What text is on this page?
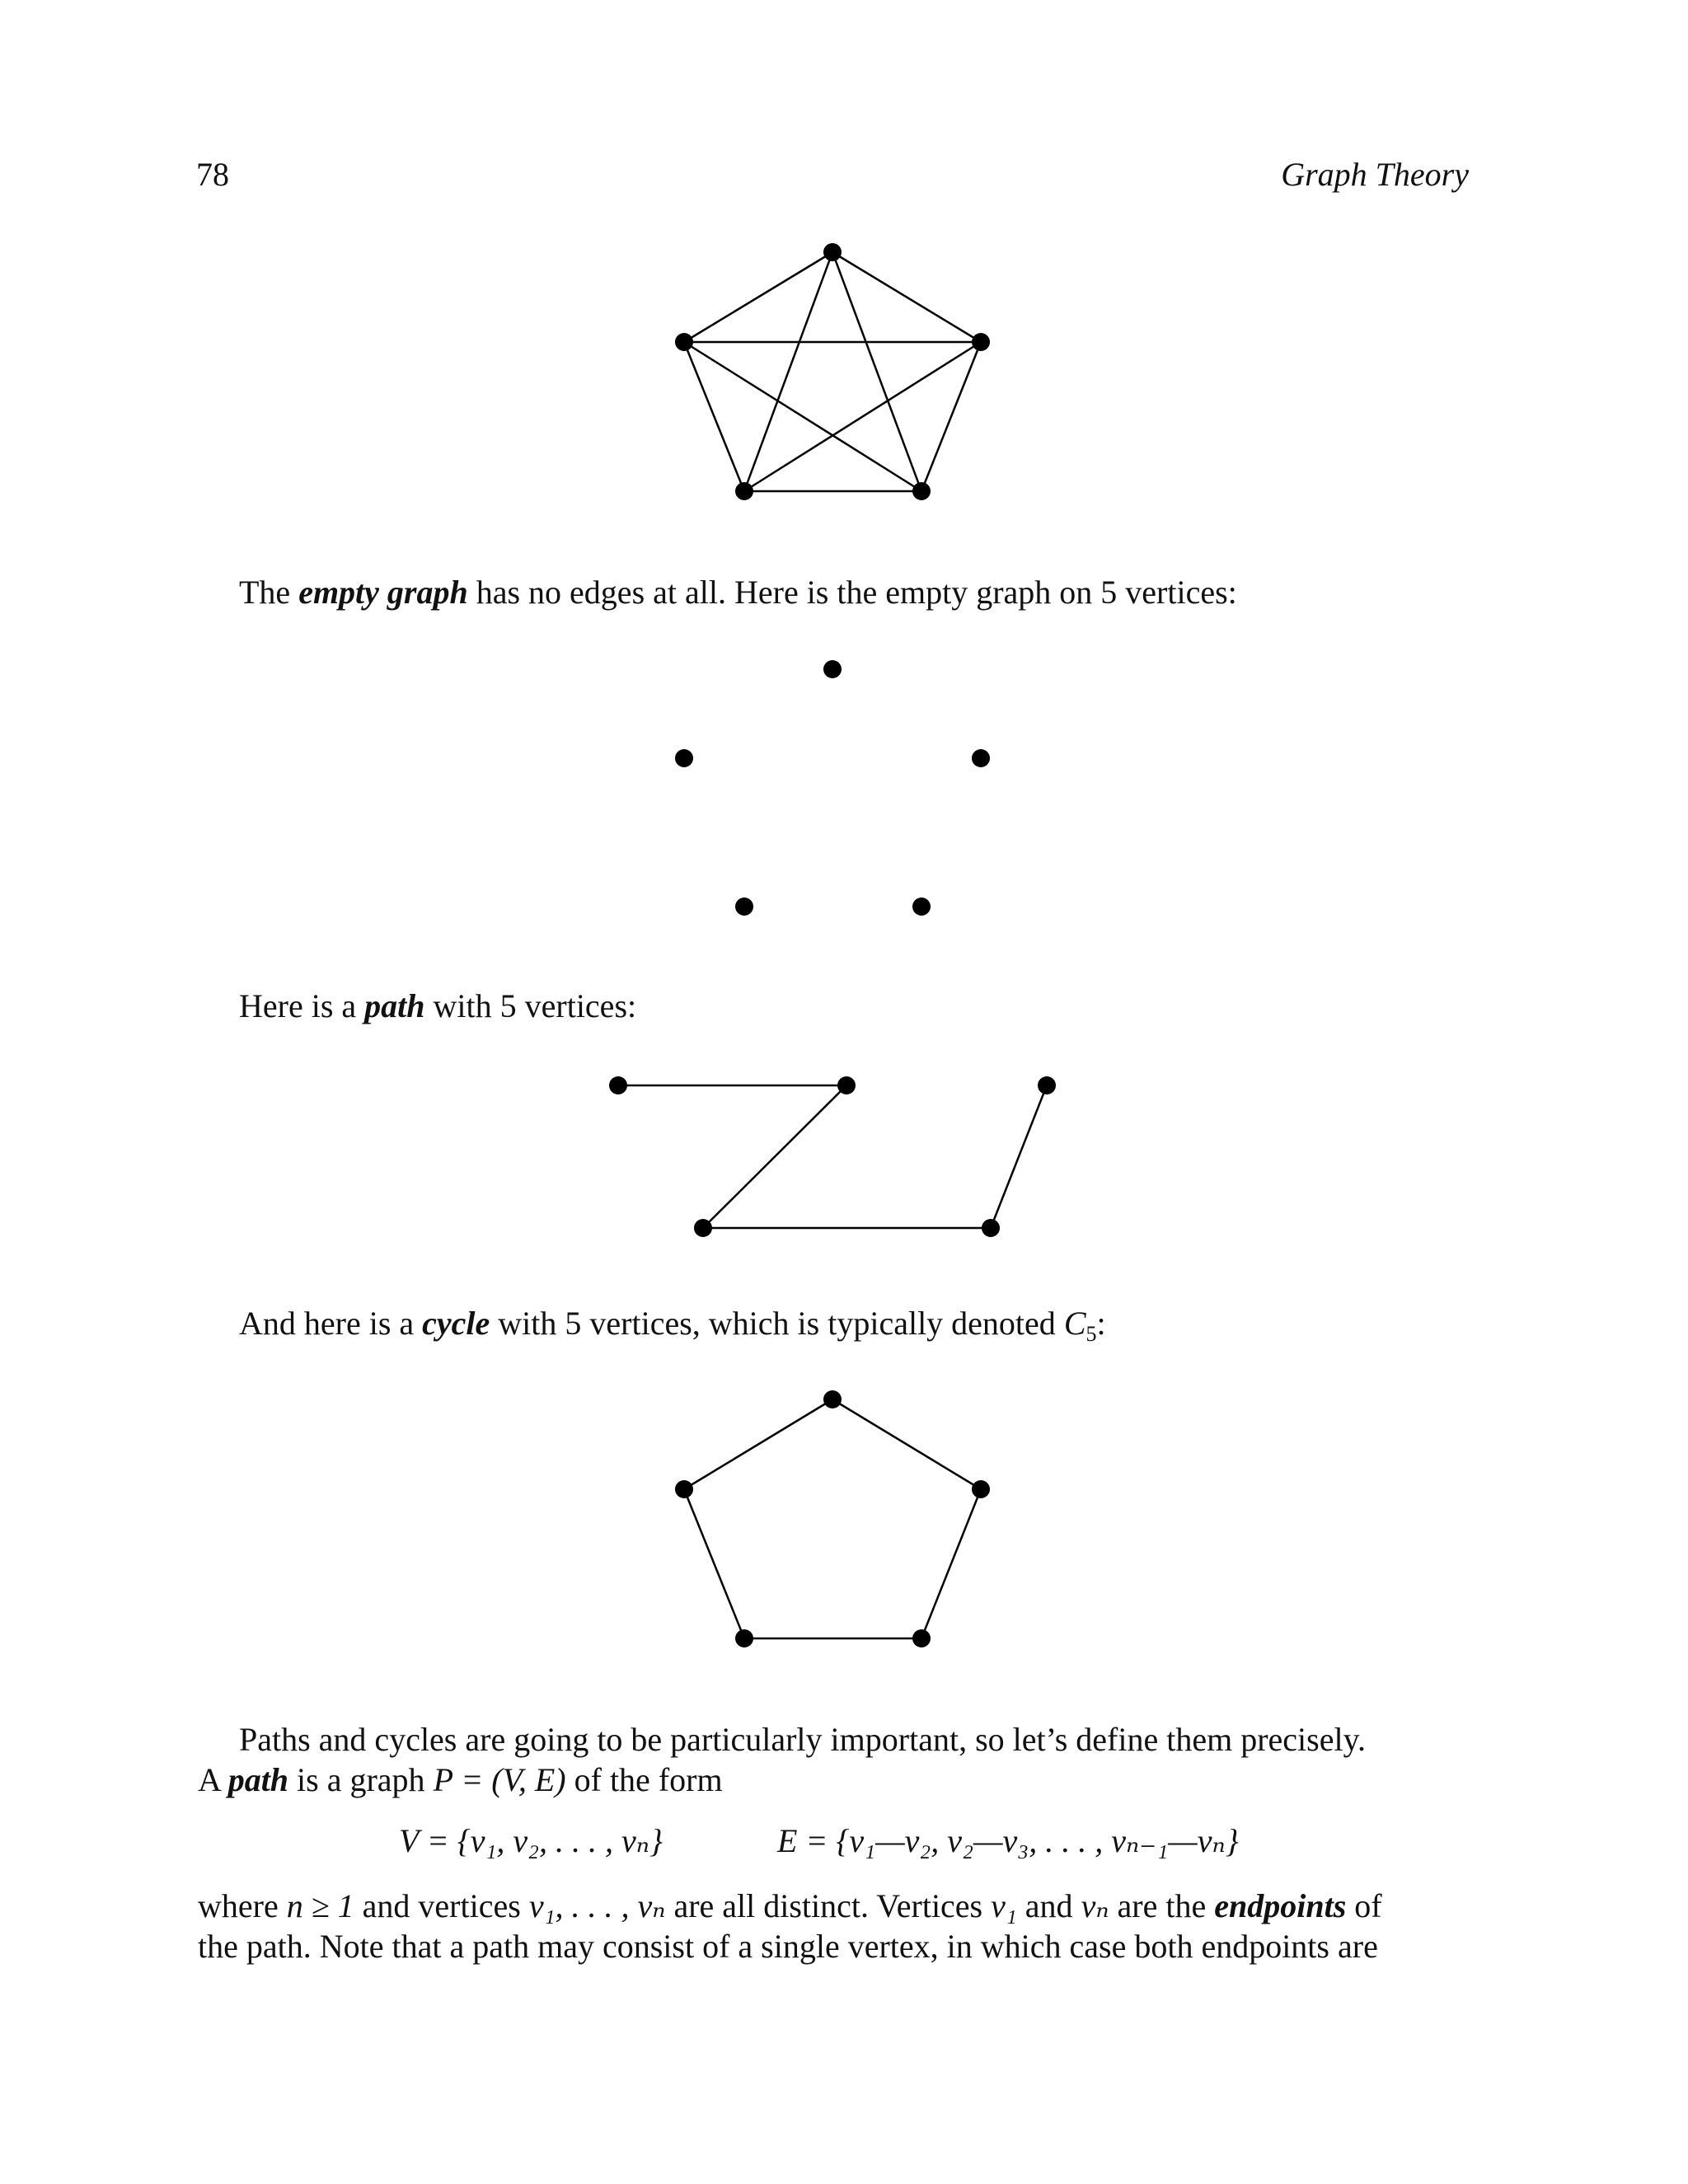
78	Graph Theory
The empty graph has no edges at all. Here is the empty graph on 5 vertices:
Here is a path with 5 vertices:
And here is a cycle with 5 vertices, which is typically denoted $C_5$:
Paths and cycles are going to be particularly important, so let’s define them precisely.
A path is a graph P = (V, E) of the form
V = {v₁, v₂, . . . , vₙ}	E = {v₁—v₂, v₂—v₃, . . . , vₙ₋₁—vₙ}
where n ≥ 1 and vertices v₁, . . . , vₙ are all distinct. Vertices v₁ and vₙ are the endpoints of
the path. Note that a path may consist of a single vertex, in which case both endpoints are
